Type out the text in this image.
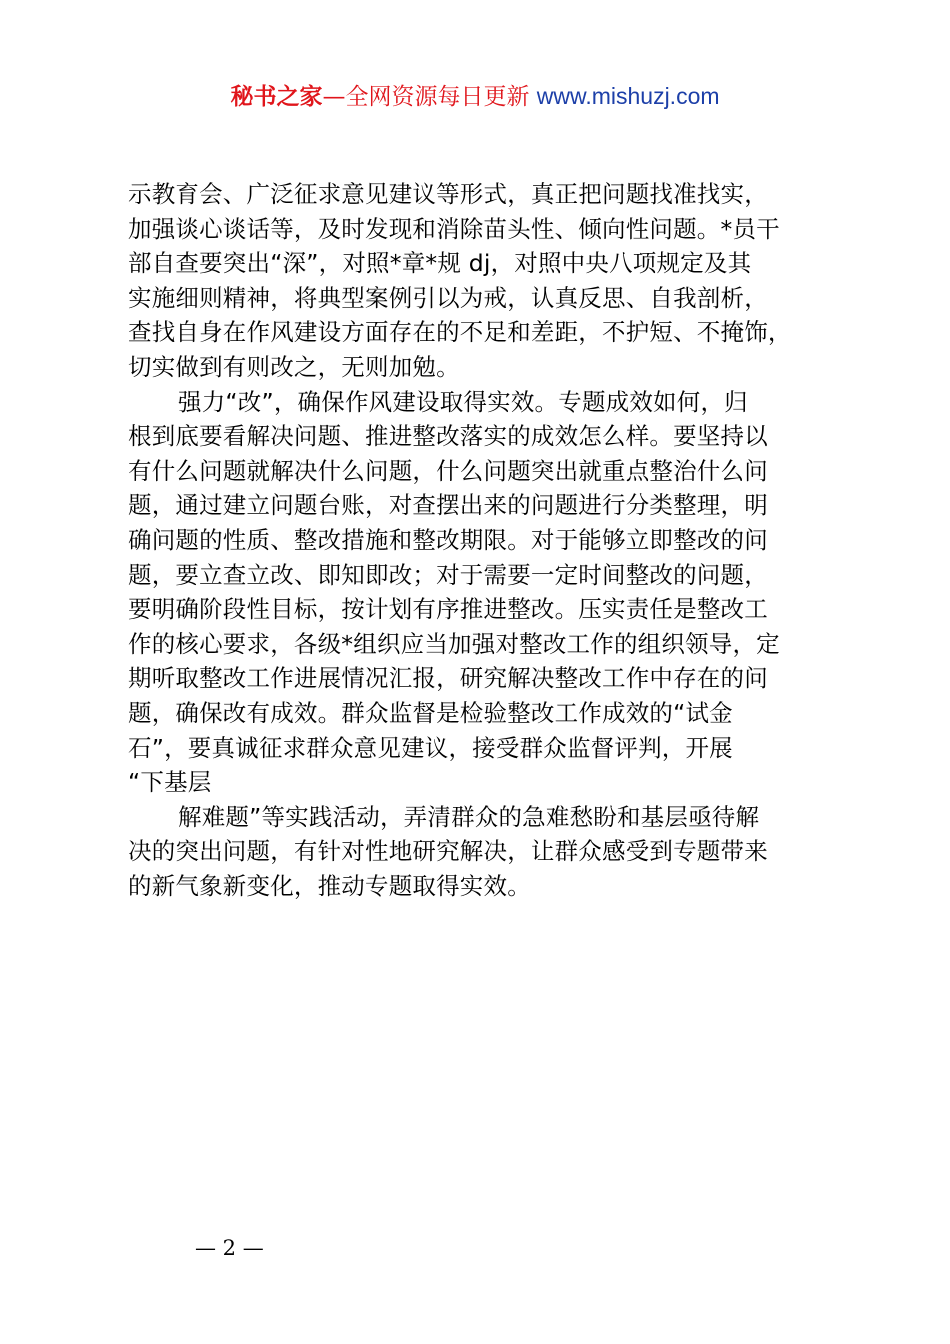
秘书之家—全网资源每日更新 www.mishuzj.com
示教育会、广泛征求意见建议等形式，真正把问题找准找实，
加强谈心谈话等，及时发现和消除苗头性、倾向性问题。*员干
部自查要突出“深”，对照*章*规 dj，对照中央八项规定及其
实施细则精神，将典型案例引以为戒，认真反思、自我剖析，
查找自身在作风建设方面存在的不足和差距，不护短、不掩饰，
切实做到有则改之，无则加勉。
强力“改”，确保作风建设取得实效。专题成效如何，归
根到底要看解决问题、推进整改落实的成效怎么样。要坚持以
有什么问题就解决什么问题，什么问题突出就重点整治什么问
题，通过建立问题台账，对查摆出来的问题进行分类整理，明
确问题的性质、整改措施和整改期限。对于能够立即整改的问
题，要立查立改、即知即改；对于需要一定时间整改的问题，
要明确阶段性目标，按计划有序推进整改。压实责任是整改工
作的核心要求，各级*组织应当加强对整改工作的组织领导，定
期听取整改工作进展情况汇报，研究解决整改工作中存在的问
题，确保改有成效。群众监督是检验整改工作成效的“试金
石”，要真诚征求群众意见建议，接受群众监督评判，开展
“下基层
解难题”等实践活动，弄清群众的急难愁盼和基层亟待解
决的突出问题，有针对性地研究解决，让群众感受到专题带来
的新气象新变化，推动专题取得实效。
— 2 —
